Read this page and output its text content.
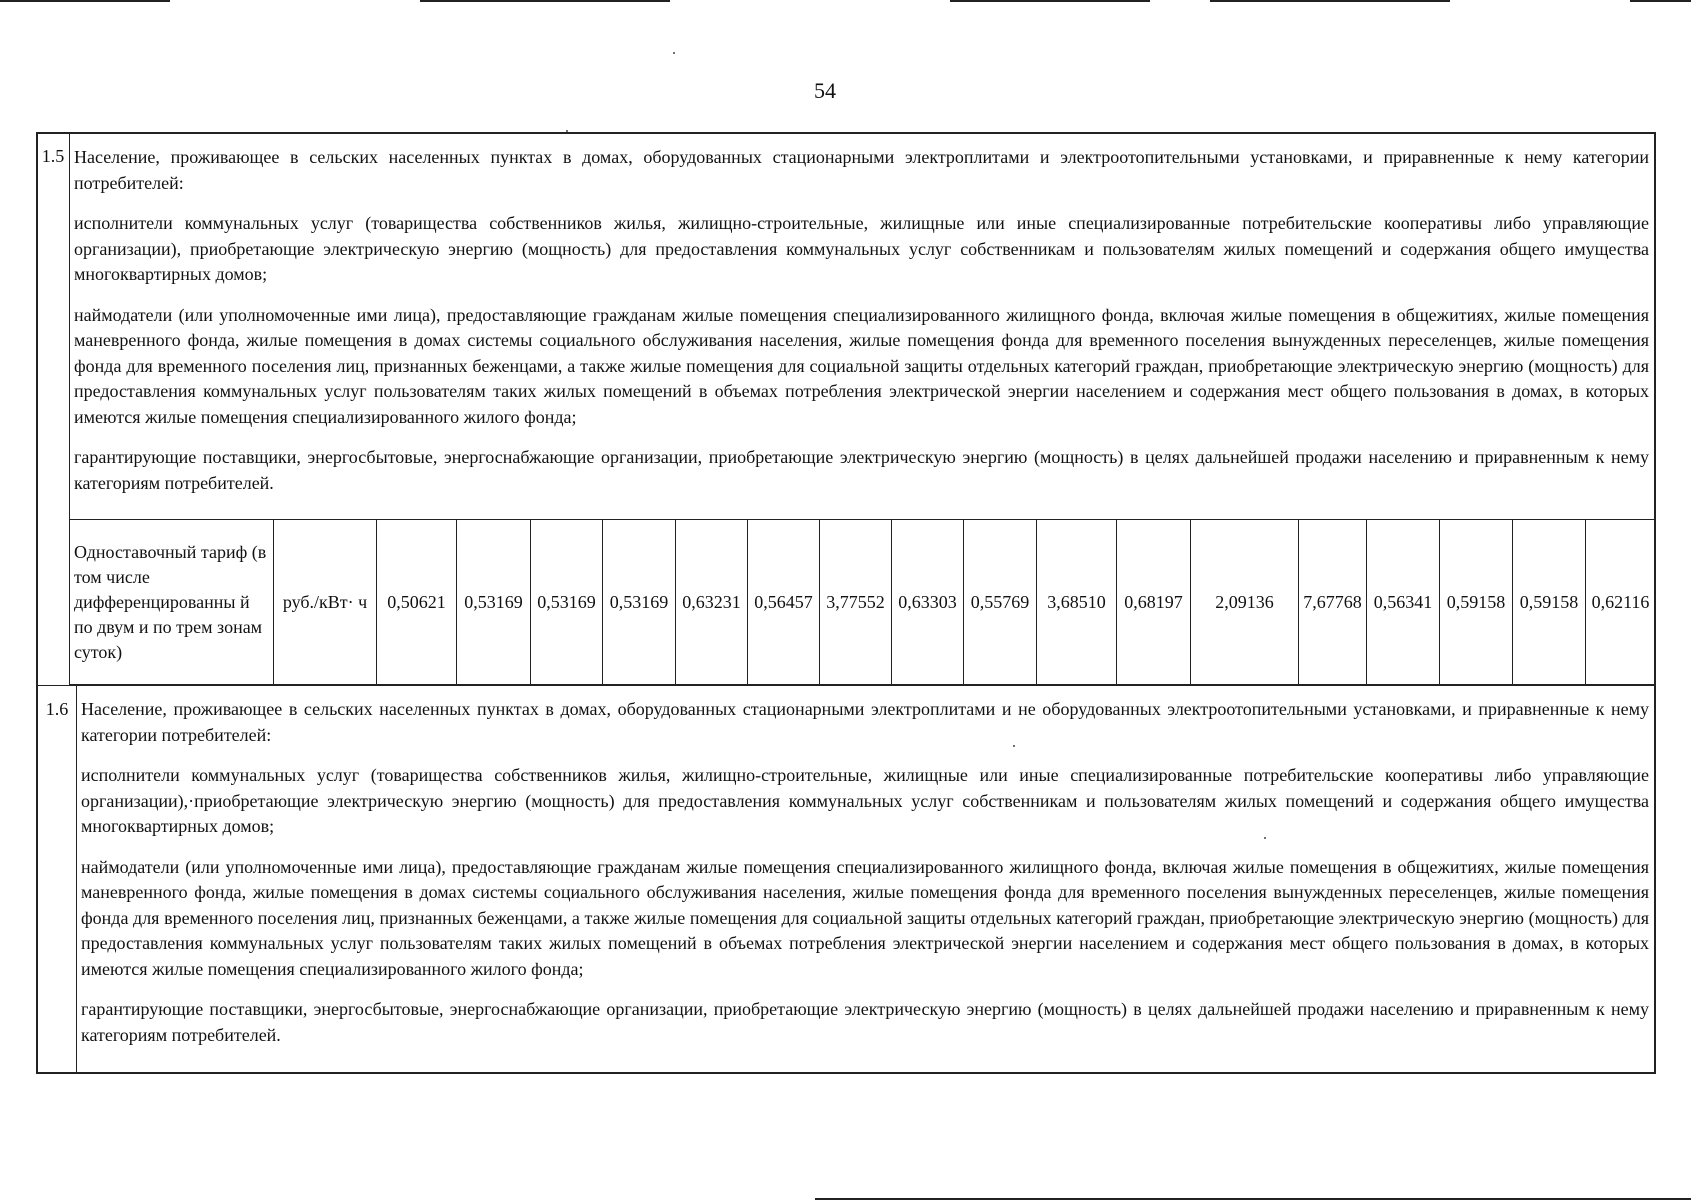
54
1.5 Население, проживающее в сельских населенных пунктах в домах, оборудованных стационарными электроплитами и электроотопительными установками, и приравненные к нему категории потребителей:

исполнители коммунальных услуг (товарищества собственников жилья, жилищно-строительные, жилищные или иные специализированные потребительские кооперативы либо управляющие организации), приобретающие электрическую энергию (мощность) для предоставления коммунальных услуг собственникам и пользователям жилых помещений и содержания общего имущества многоквартирных домов;

наймодатели (или уполномоченные ими лица), предоставляющие гражданам жилые помещения специализированного жилищного фонда, включая жилые помещения в общежитиях, жилые помещения маневренного фонда, жилые помещения в домах системы социального обслуживания населения, жилые помещения фонда для временного поселения вынужденных переселенцев, жилые помещения фонда для временного поселения лиц, признанных беженцами, а также жилые помещения для социальной защиты отдельных категорий граждан, приобретающие электрическую энергию (мощность) для предоставления коммунальных услуг пользователям таких жилых помещений в объемах потребления электрической энергии населением и содержания мест общего пользования в домах, в которых имеются жилые помещения специализированного жилого фонда;

гарантирующие поставщики, энергосбытовые, энергоснабжающие организации, приобретающие электрическую энергию (мощность) в целях дальнейшей продажи населению и приравненным к нему категориям потребителей.

Одноставочный тариф (в том числе дифференцированны й по двум и по трем зонам суток)	руб./кВт· ч	0,50621	0,53169	0,53169	0,53169	0,63231	0,56457	3,77552	0,63303	0,55769	3,68510	0,68197	2,09136	7,67768	0,56341	0,59158	0,59158	0,62116
1.6 Население, проживающее в сельских населенных пунктах в домах, оборудованных стационарными электроплитами и не оборудованных электроотопительными установками, и приравненные к нему категории потребителей:

исполнители коммунальных услуг (товарищества собственников жилья, жилищно-строительные, жилищные или иные специализированные потребительские кооперативы либо управляющие организации),·приобретающие электрическую энергию (мощность) для предоставления коммунальных услуг собственникам и пользователям жилых помещений и содержания общего имущества многоквартирных домов;

наймодатели (или уполномоченные ими лица), предоставляющие гражданам жилые помещения специализированного жилищного фонда, включая жилые помещения в общежитиях, жилые помещения маневренного фонда, жилые помещения в домах системы социального обслуживания населения, жилые помещения фонда для временного поселения вынужденных переселенцев, жилые помещения фонда для временного поселения лиц, признанных беженцами, а также жилые помещения для социальной защиты отдельных категорий граждан, приобретающие электрическую энергию (мощность) для предоставления коммунальных услуг пользователям таких жилых помещений в объемах потребления электрической энергии населением и содержания мест общего пользования в домах, в которых имеются жилые помещения специализированного жилого фонда;

гарантирующие поставщики, энергосбытовые, энергоснабжающие организации, приобретающие электрическую энергию (мощность) в целях дальнейшей продажи населению и приравненным к нему категориям потребителей.
